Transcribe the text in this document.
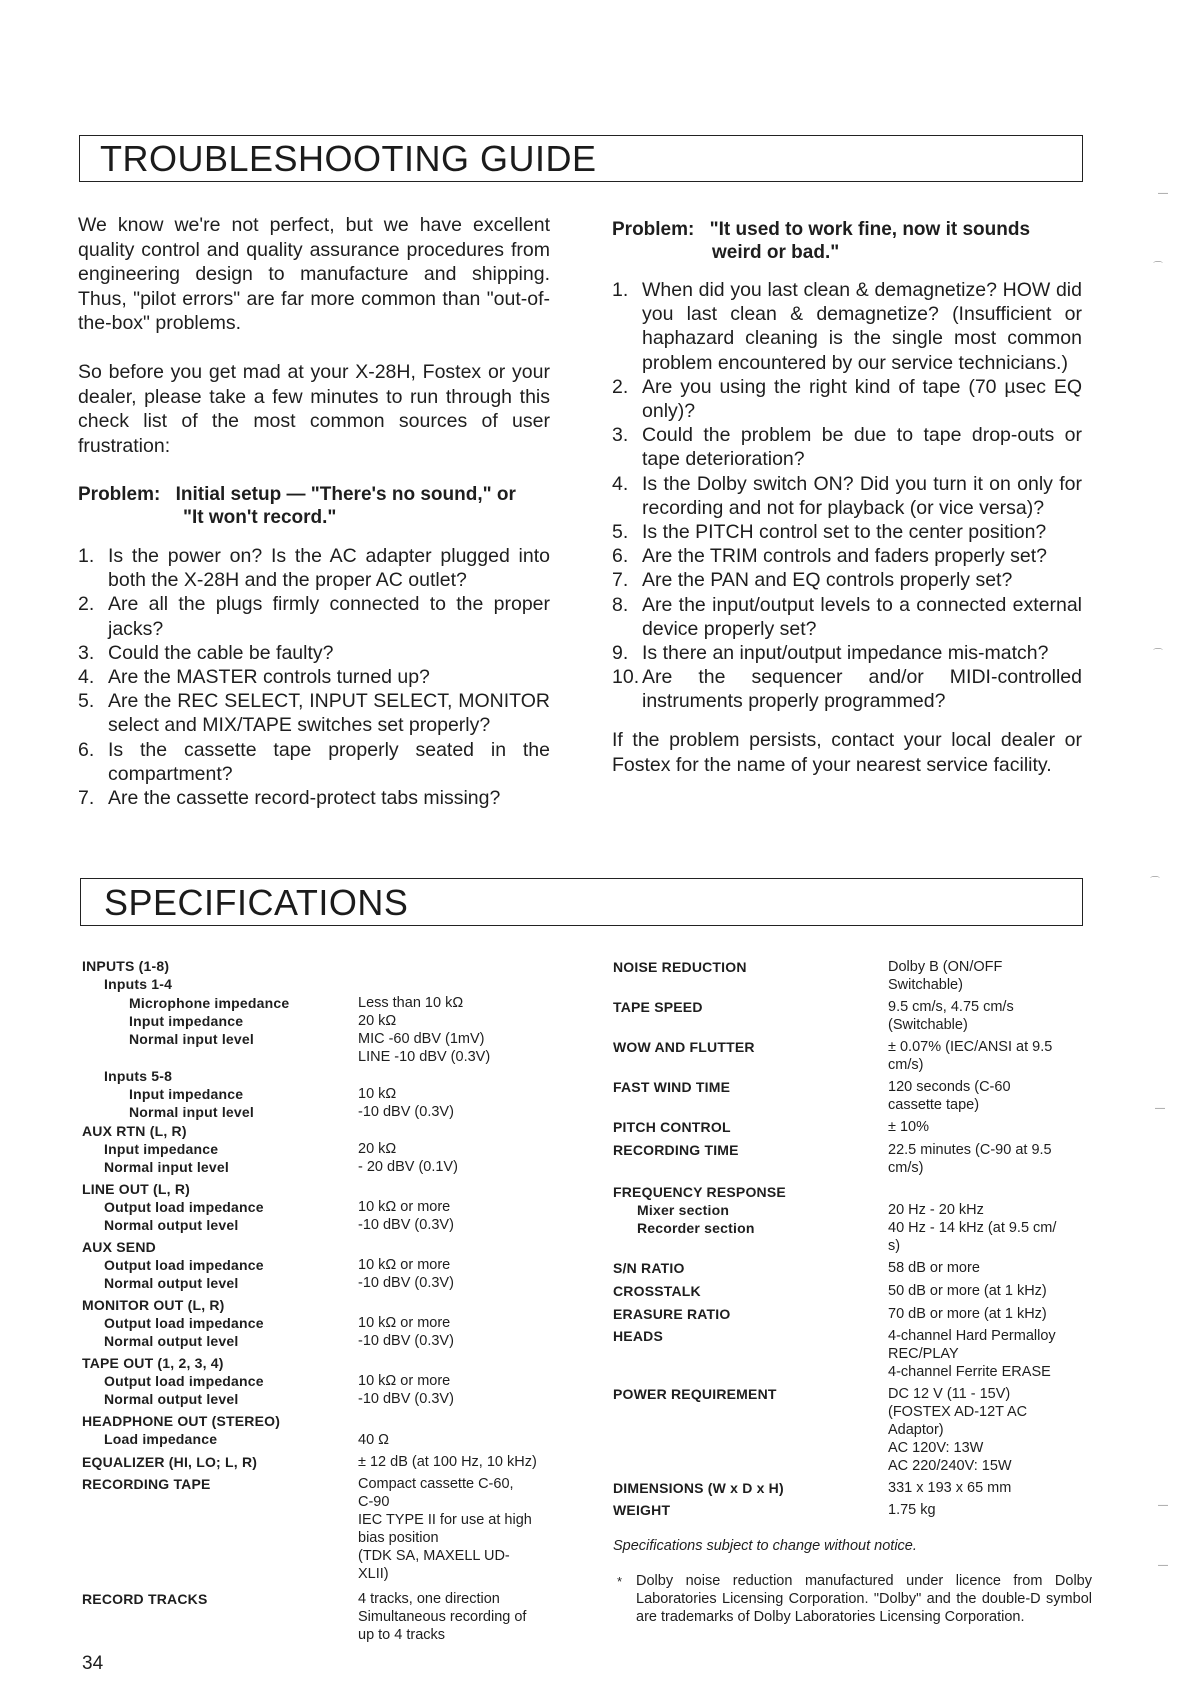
TROUBLESHOOTING GUIDE
We know we're not perfect, but we have excellent quality control and quality assurance procedures from engineering design to manufacture and shipping. Thus, "pilot errors" are far more common than "out-of-the-box" problems.
So before you get mad at your X-28H, Fostex or your dealer, please take a few minutes to run through this check list of the most common sources of user frustration:
Problem: Initial setup — "There's no sound," or
"It won't record."
1. Is the power on? Is the AC adapter plugged into both the X-28H and the proper AC outlet?
2. Are all the plugs firmly connected to the proper jacks?
3. Could the cable be faulty?
4. Are the MASTER controls turned up?
5. Are the REC SELECT, INPUT SELECT, MONITOR select and MIX/TAPE switches set properly?
6. Is the cassette tape properly seated in the compartment?
7. Are the cassette record-protect tabs missing?
Problem: "It used to work fine, now it sounds
weird or bad."
1. When did you last clean & demagnetize? HOW did you last clean & demagnetize? (Insufficient or haphazard cleaning is the single most common problem encountered by our service technicians.)
2. Are you using the right kind of tape (70 µsec EQ only)?
3. Could the problem be due to tape drop-outs or tape deterioration?
4. Is the Dolby switch ON? Did you turn it on only for recording and not for playback (or vice versa)?
5. Is the PITCH control set to the center position?
6. Are the TRIM controls and faders properly set?
7. Are the PAN and EQ controls properly set?
8. Are the input/output levels to a connected external device properly set?
9. Is there an input/output impedance mis-match?
10. Are the sequencer and/or MIDI-controlled instruments properly programmed?
If the problem persists, contact your local dealer or Fostex for the name of your nearest service facility.
SPECIFICATIONS
INPUTS (1-8)
Inputs 1-4
Microphone impedance	Less than 10 kΩ
Input impedance	20 kΩ
Normal input level	MIC -60 dBV (1mV)
LINE -10 dBV (0.3V)
Inputs 5-8
Input impedance	10 kΩ
Normal input level	-10 dBV (0.3V)
AUX RTN (L, R)
Input impedance	20 kΩ
Normal input level	- 20 dBV (0.1V)
LINE OUT (L, R)
Output load impedance	10 kΩ or more
Normal output level	-10 dBV (0.3V)
AUX SEND
Output load impedance	10 kΩ or more
Normal output level	-10 dBV (0.3V)
MONITOR OUT (L, R)
Output load impedance	10 kΩ or more
Normal output level	-10 dBV (0.3V)
TAPE OUT (1, 2, 3, 4)
Output load impedance	10 kΩ or more
Normal output level	-10 dBV (0.3V)
HEADPHONE OUT (STEREO)
Load impedance	40 Ω
EQUALIZER (HI, LO; L, R)	± 12 dB (at 100 Hz, 10 kHz)
RECORDING TAPE	Compact cassette C-60,
C-90
IEC TYPE II for use at high
bias position
(TDK SA, MAXELL UD-
XLII)
RECORD TRACKS	4 tracks, one direction
Simultaneous recording of
up to 4 tracks
NOISE REDUCTION	Dolby B (ON/OFF
Switchable)
TAPE SPEED	9.5 cm/s, 4.75 cm/s
(Switchable)
WOW AND FLUTTER	± 0.07% (IEC/ANSI at 9.5
cm/s)
FAST WIND TIME	120 seconds (C-60
cassette tape)
PITCH CONTROL	± 10%
RECORDING TIME	22.5 minutes (C-90 at 9.5
cm/s)
FREQUENCY RESPONSE
Mixer section	20 Hz - 20 kHz
Recorder section	40 Hz - 14 kHz (at 9.5 cm/
s)
S/N RATIO	58 dB or more
CROSSTALK	50 dB or more (at 1 kHz)
ERASURE RATIO	70 dB or more (at 1 kHz)
HEADS	4-channel Hard Permalloy
REC/PLAY
4-channel Ferrite ERASE
POWER REQUIREMENT	DC 12 V (11 - 15V)
(FOSTEX AD-12T AC
Adaptor)
AC 120V: 13W
AC 220/240V: 15W
DIMENSIONS (W x D x H)	331 x 193 x 65 mm
WEIGHT	1.75 kg
Specifications subject to change without notice.
* Dolby noise reduction manufactured under licence from Dolby Laboratories Licensing Corporation. "Dolby" and the double-D symbol are trademarks of Dolby Laboratories Licensing Corporation.
34
—
⌒
⌒
⌒
—
—
—
